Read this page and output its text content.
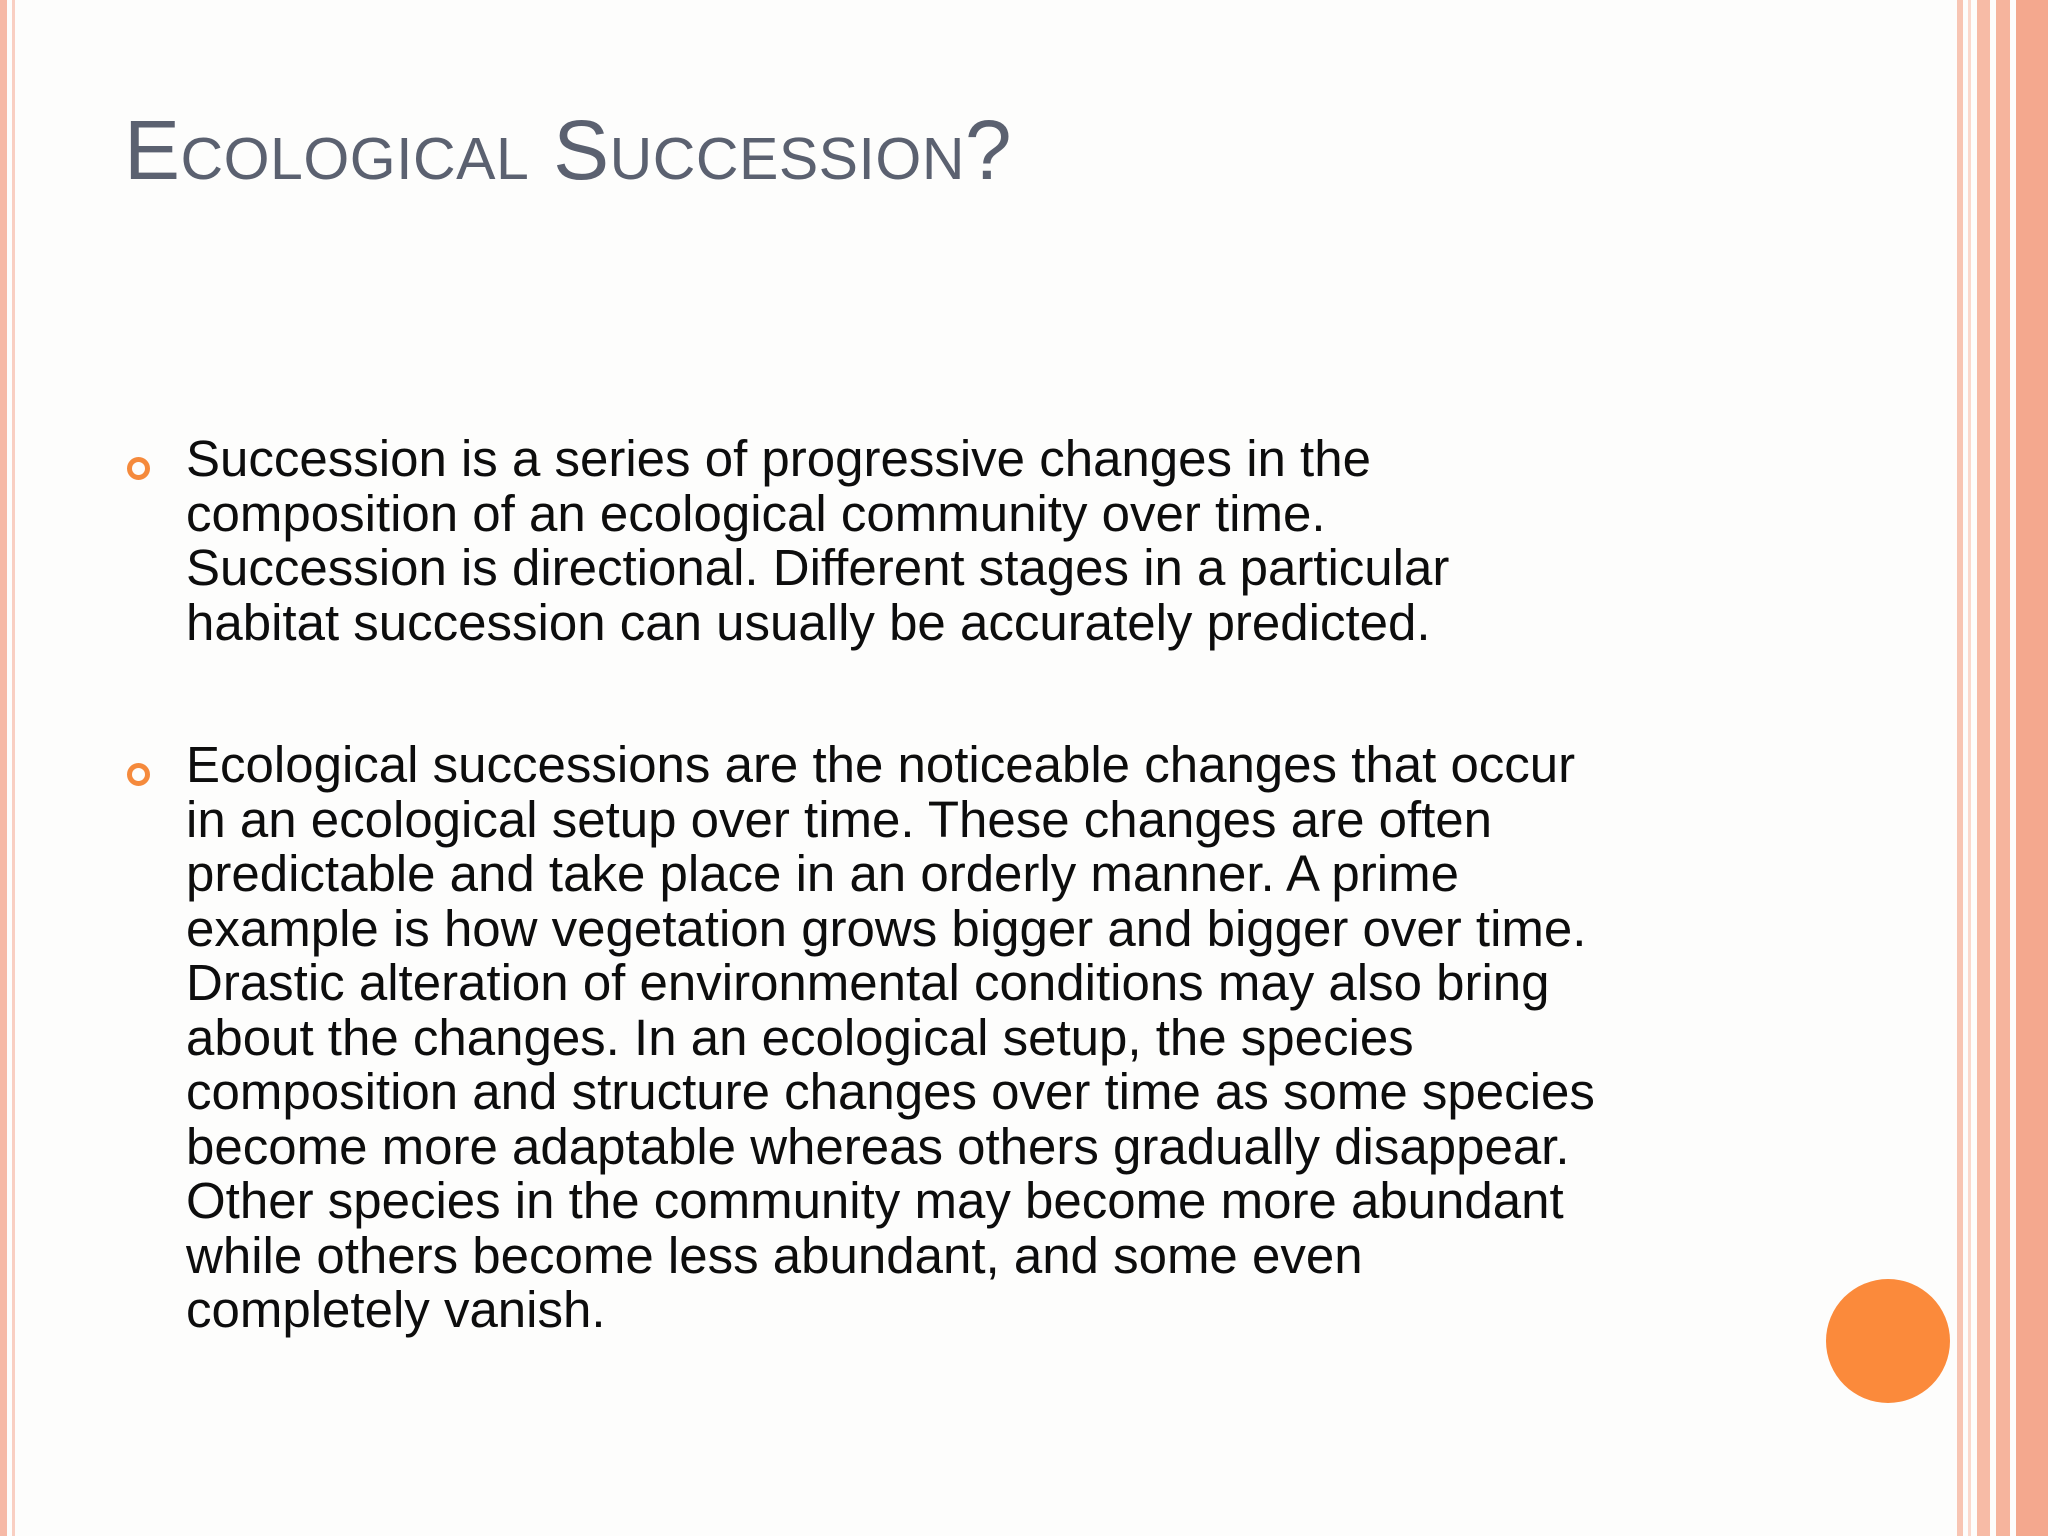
Ecological Succession?
Succession is a series of progressive changes in the
composition of an ecological community over time.
Succession is directional. Different stages in a particular
habitat succession can usually be accurately predicted.
Ecological successions are the noticeable changes that occur
in an ecological setup over time. These changes are often
predictable and take place in an orderly manner. A prime
example is how vegetation grows bigger and bigger over time.
Drastic alteration of environmental conditions may also bring
about the changes. In an ecological setup, the species
composition and structure changes over time as some species
become more adaptable whereas others gradually disappear.
Other species in the community may become more abundant
while others become less abundant, and some even
completely vanish.
